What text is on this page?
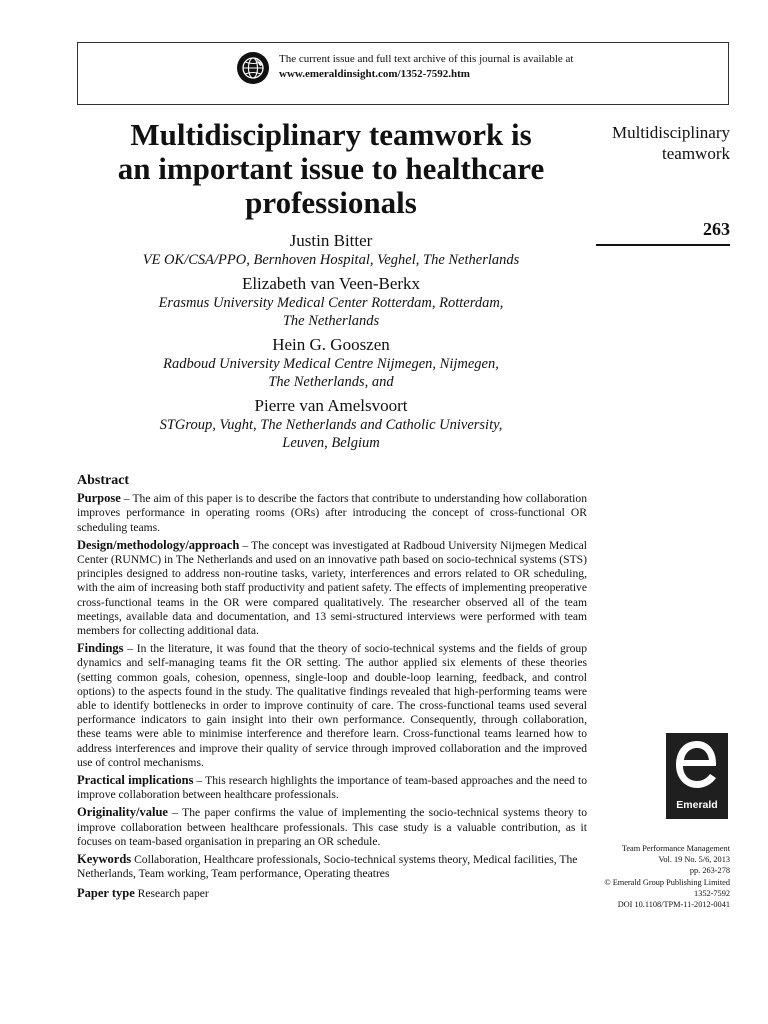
The current issue and full text archive of this journal is available at
www.emeraldinsight.com/1352-7592.htm
Multidisciplinary teamwork is
an important issue to healthcare
professionals
Multidisciplinary
teamwork
263
Justin Bitter
VE OK/CSA/PPO, Bernhoven Hospital, Veghel, The Netherlands
Elizabeth van Veen-Berkx
Erasmus University Medical Center Rotterdam, Rotterdam,
The Netherlands
Hein G. Gooszen
Radboud University Medical Centre Nijmegen, Nijmegen,
The Netherlands, and
Pierre van Amelsvoort
STGroup, Vught, The Netherlands and Catholic University,
Leuven, Belgium
Abstract

Purpose – The aim of this paper is to describe the factors that contribute to understanding how collaboration improves performance in operating rooms (ORs) after introducing the concept of cross-functional OR scheduling teams.

Design/methodology/approach – The concept was investigated at Radboud University Nijmegen Medical Center (RUNMC) in The Netherlands and used on an innovative path based on socio-technical systems (STS) principles designed to address non-routine tasks, variety, interferences and errors related to OR scheduling, with the aim of increasing both staff productivity and patient safety. The effects of implementing preoperative cross-functional teams in the OR were compared qualitatively. The researcher observed all of the team meetings, available data and documentation, and 13 semi-structured interviews were performed with team members for collecting additional data.

Findings – In the literature, it was found that the theory of socio-technical systems and the fields of group dynamics and self-managing teams fit the OR setting. The author applied six elements of these theories (setting common goals, cohesion, openness, single-loop and double-loop learning, feedback, and control options) to the aspects found in the study. The qualitative findings revealed that high-performing teams were able to identify bottlenecks in order to improve continuity of care. The cross-functional teams used several performance indicators to gain insight into their own performance. Consequently, through collaboration, these teams were able to minimise interference and therefore learn. Cross-functional teams learned how to address interferences and improve their quality of service through improved collaboration and the improved use of control mechanisms.

Practical implications – This research highlights the importance of team-based approaches and the need to improve collaboration between healthcare professionals.

Originality/value – The paper confirms the value of implementing the socio-technical systems theory to improve collaboration between healthcare professionals. This case study is a valuable contribution, as it focuses on team-based organisation in preparing an OR schedule.

Keywords Collaboration, Healthcare professionals, Socio-technical systems theory, Medical facilities, The Netherlands, Team working, Team performance, Operating theatres

Paper type Research paper

Emerald
Team Performance Management
Vol. 19 No. 5/6, 2013
pp. 263-278
© Emerald Group Publishing Limited
1352-7592
DOI 10.1108/TPM-11-2012-0041
